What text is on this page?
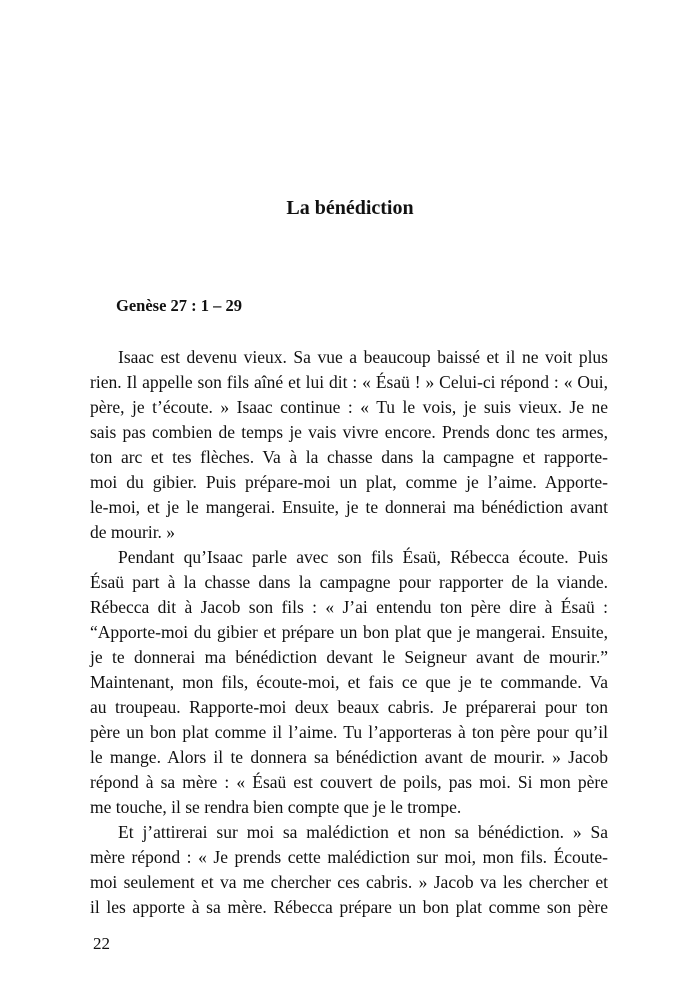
La bénédiction
Genèse 27 : 1 – 29
Isaac est devenu vieux. Sa vue a beaucoup baissé et il ne voit plus
rien. Il appelle son fils aîné et lui dit : « Ésaü ! » Celui-ci répond : « Oui,
père, je t’écoute. » Isaac continue : « Tu le vois, je suis vieux. Je ne
sais pas combien de temps je vais vivre encore. Prends donc tes armes,
ton arc et tes flèches. Va à la chasse dans la campagne et rapporte-
moi du gibier. Puis prépare-moi un plat, comme je l’aime. Apporte-
le-moi, et je le mangerai. Ensuite, je te donnerai ma bénédiction avant
de mourir. »
Pendant qu’Isaac parle avec son fils Ésaü, Rébecca écoute. Puis
Ésaü part à la chasse dans la campagne pour rapporter de la viande.
Rébecca dit à Jacob son fils : « J’ai entendu ton père dire à Ésaü :
“Apporte-moi du gibier et prépare un bon plat que je mangerai. Ensuite,
je te donnerai ma bénédiction devant le Seigneur avant de mourir.”
Maintenant, mon fils, écoute-moi, et fais ce que je te commande. Va
au troupeau. Rapporte-moi deux beaux cabris. Je préparerai pour ton
père un bon plat comme il l’aime. Tu l’apporteras à ton père pour qu’il
le mange. Alors il te donnera sa bénédiction avant de mourir. » Jacob
répond à sa mère : « Ésaü est couvert de poils, pas moi. Si mon père
me touche, il se rendra bien compte que je le trompe.
Et j’attirerai sur moi sa malédiction et non sa bénédiction. » Sa
mère répond : « Je prends cette malédiction sur moi, mon fils. Écoute-
moi seulement et va me chercher ces cabris. » Jacob va les chercher et
il les apporte à sa mère. Rébecca prépare un bon plat comme son père
22
